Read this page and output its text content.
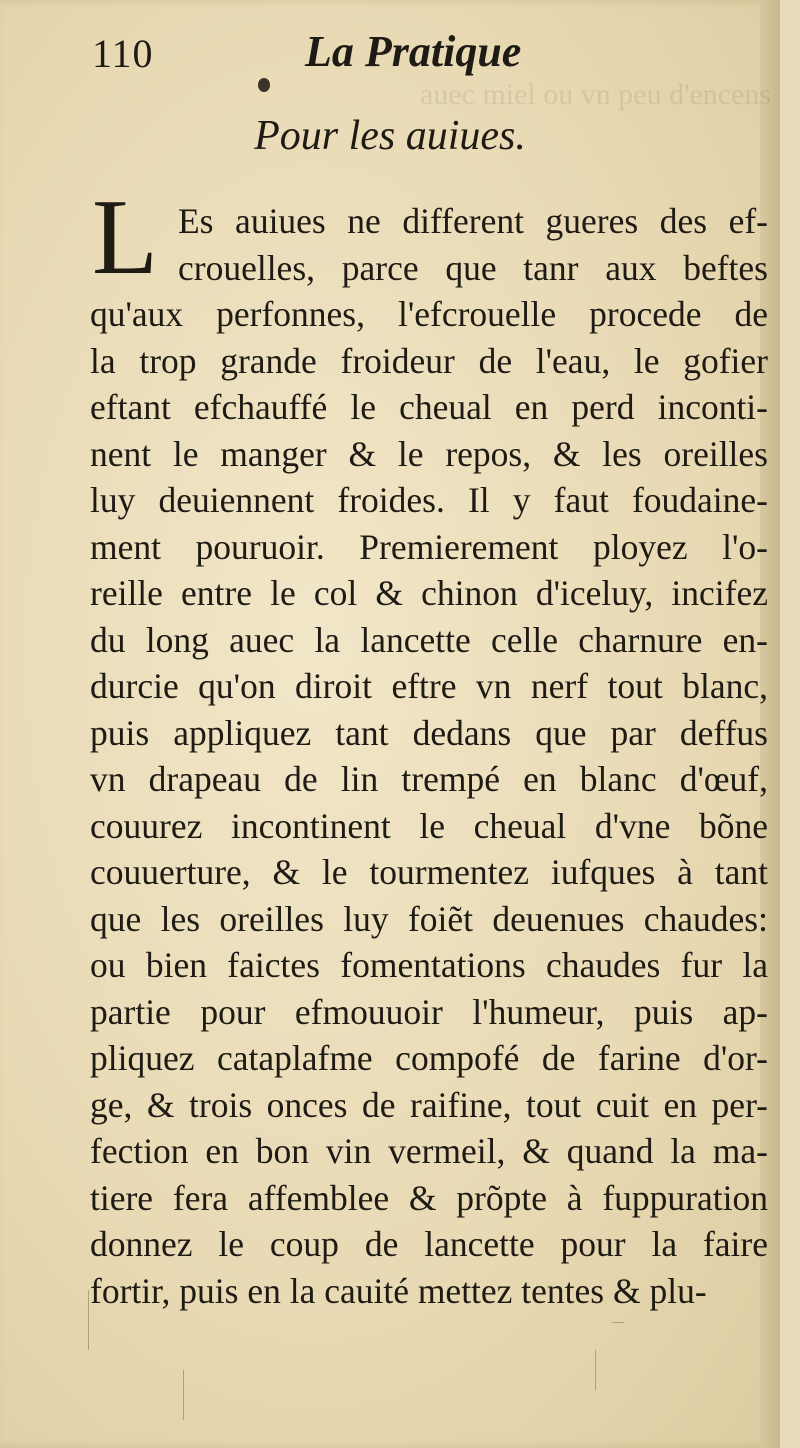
auec miel ou vn peu d'encens
110	La Pratique
Pour les auiues.
L Es auiues ne different gueres des ef-
crouelles, parce que tanr aux beftes
qu'aux perfonnes, l'efcrouelle procede de
la trop grande froideur de l'eau, le gofier
eftant efchauffé le cheual en perd inconti-
nent le manger & le repos, & les oreilles
luy deuiennent froides. Il y faut foudaine-
ment pouruoir. Premierement ployez l'o-
reille entre le col & chinon d'iceluy, incifez
du long auec la lancette celle charnure en-
durcie qu'on diroit eftre vn nerf tout blanc,
puis appliquez tant dedans que par deffus
vn drapeau de lin trempé en blanc d'œuf,
couurez incontinent le cheual d'vne bõne
couuerture, & le tourmentez iufques à tant
que les oreilles luy foiẽt deuenues chaudes:
ou bien faictes fomentations chaudes fur la
partie pour efmouuoir l'humeur, puis ap-
pliquez cataplafme compofé de farine d'or-
ge, & trois onces de raifine, tout cuit en per-
fection en bon vin vermeil, & quand la ma-
tiere fera affemblee & prõpte à fuppuration
donnez le coup de lancette pour la faire
fortir, puis en la cauité mettez tentes & plu-
